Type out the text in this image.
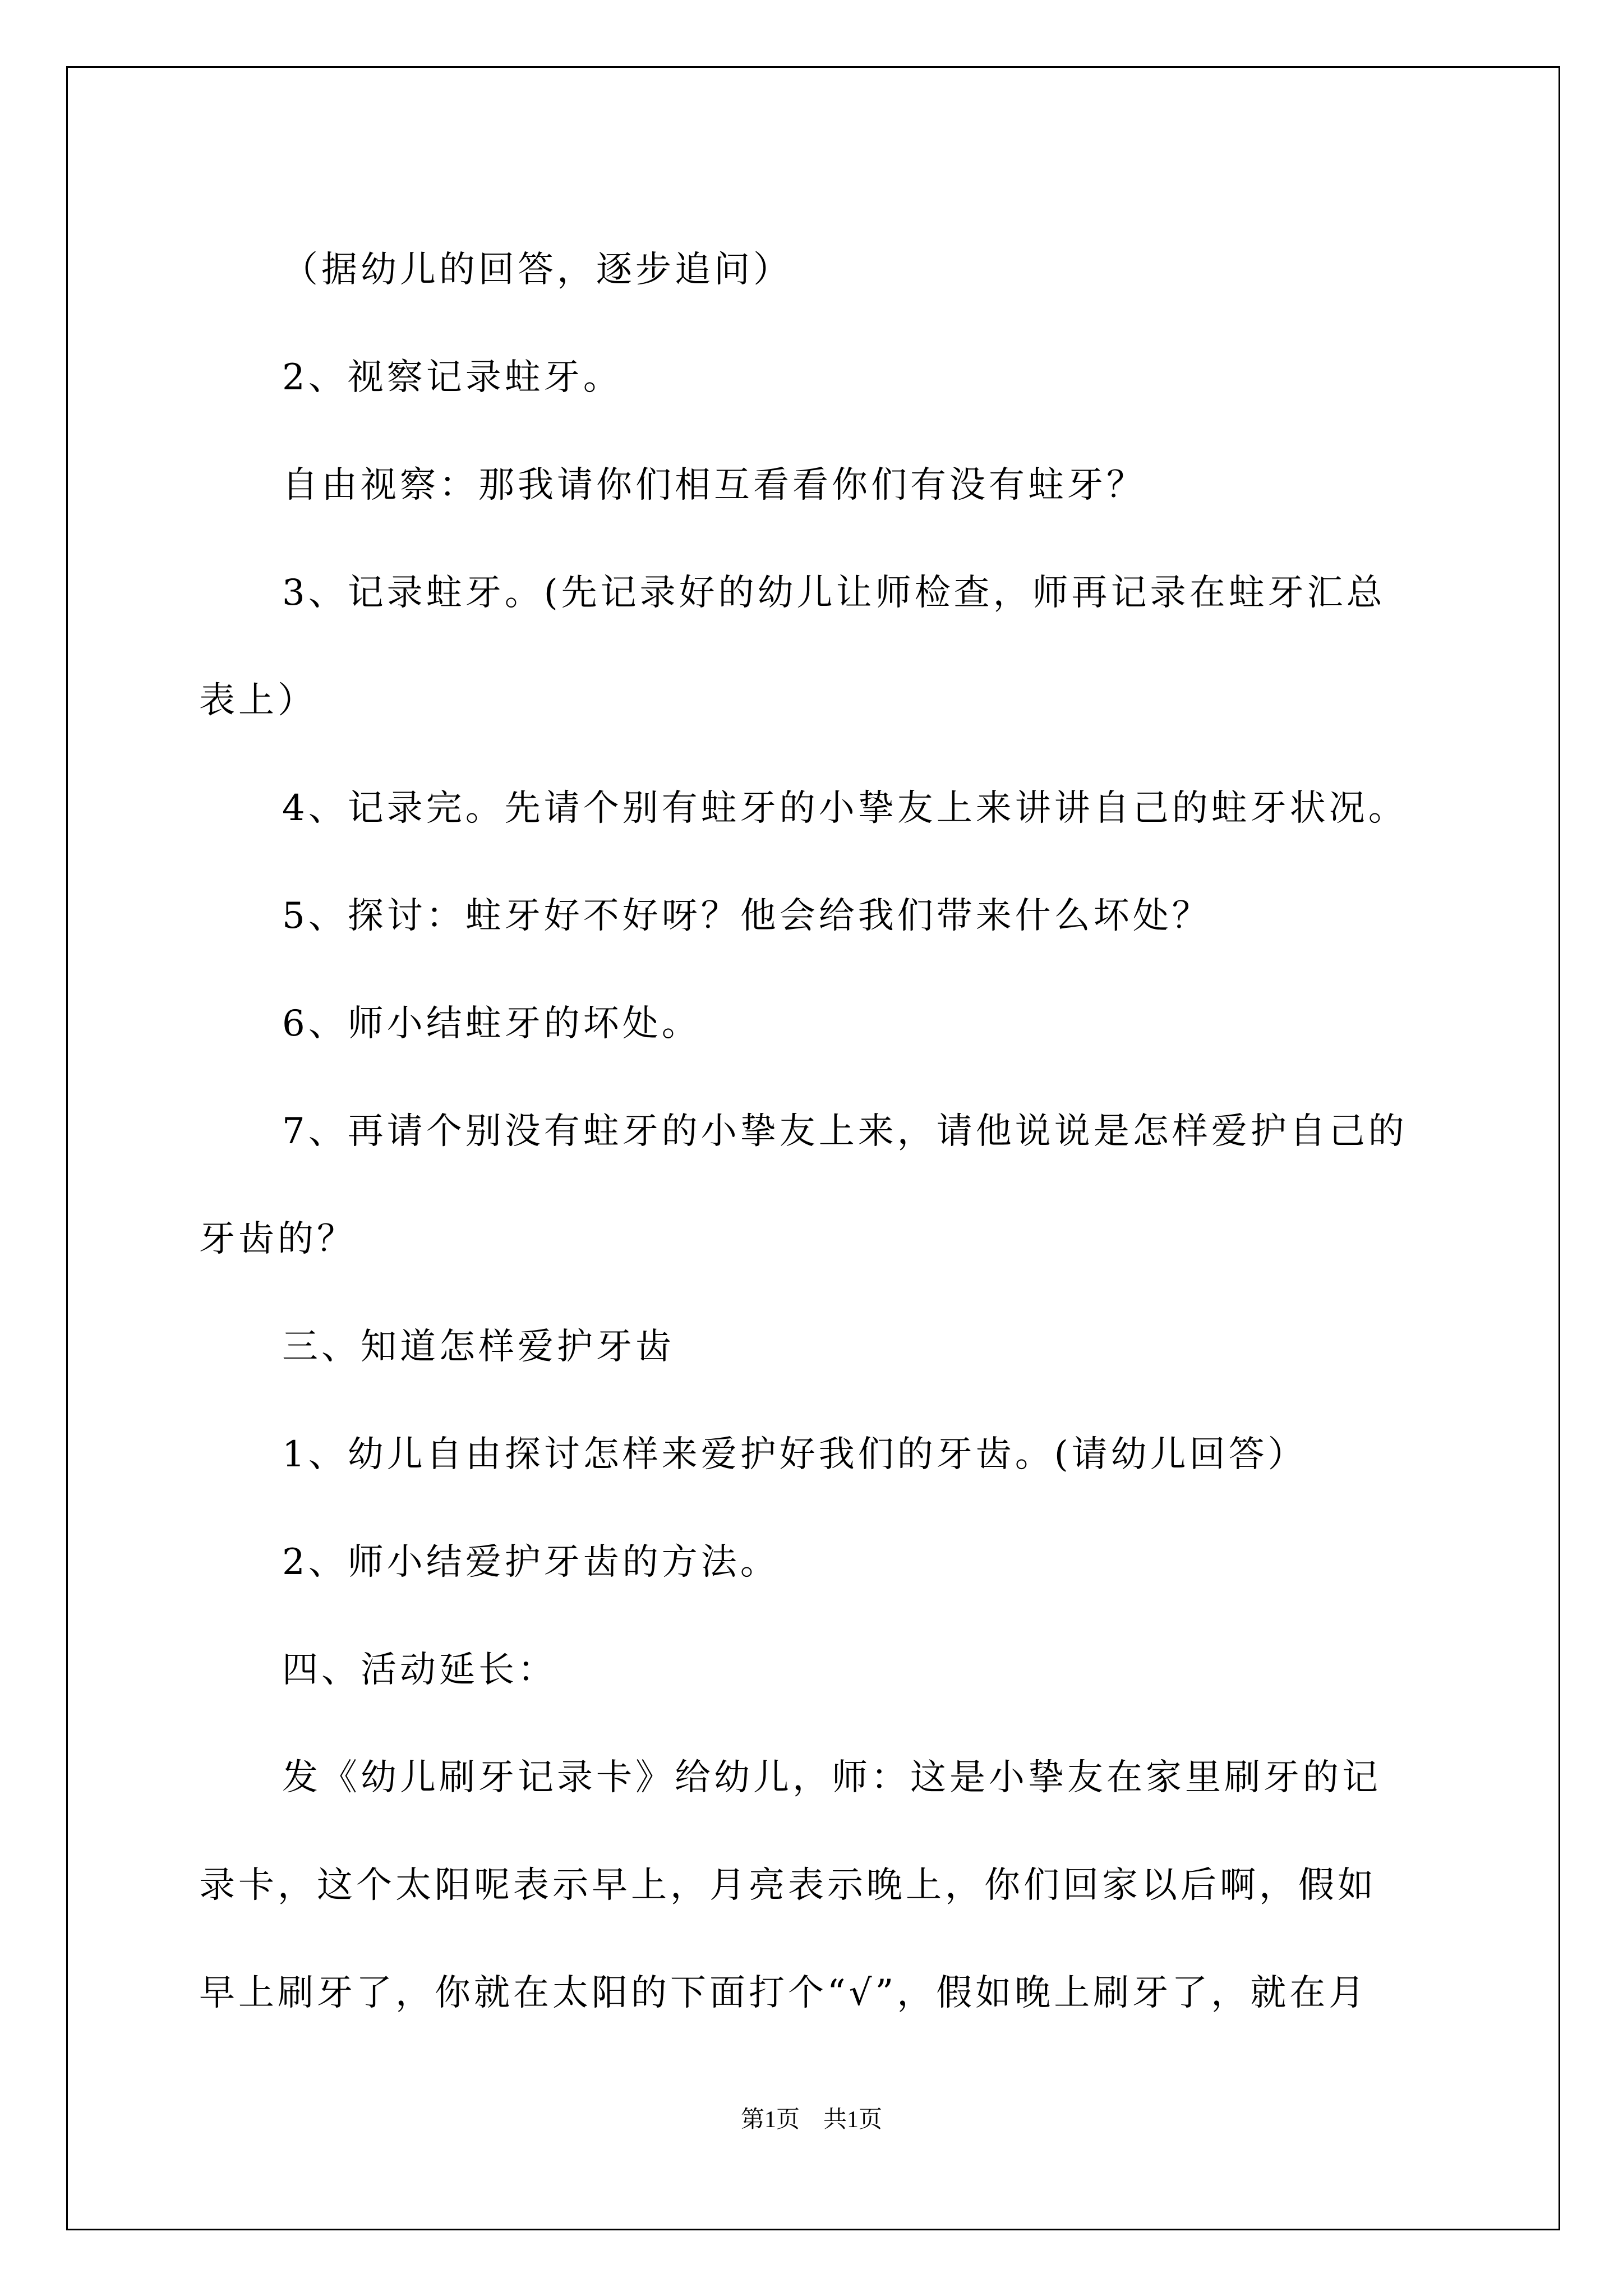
（据幼儿的回答，逐步追问）
2、视察记录蛀牙。
自由视察：那我请你们相互看看你们有没有蛀牙？
3、记录蛀牙。(先记录好的幼儿让师检查，师再记录在蛀牙汇总
表上）
4、记录完。先请个别有蛀牙的小挚友上来讲讲自己的蛀牙状况。
5、探讨：蛀牙好不好呀？他会给我们带来什么坏处？
6、师小结蛀牙的坏处。
7、再请个别没有蛀牙的小挚友上来，请他说说是怎样爱护自己的
牙齿的？
三、知道怎样爱护牙齿
1、幼儿自由探讨怎样来爱护好我们的牙齿。(请幼儿回答）
2、师小结爱护牙齿的方法。
四、活动延长：
发《幼儿刷牙记录卡》给幼儿，师：这是小挚友在家里刷牙的记
录卡，这个太阳呢表示早上，月亮表示晚上，你们回家以后啊，假如
早上刷牙了，你就在太阳的下面打个“√”，假如晚上刷牙了，就在月
第1页　共1页
